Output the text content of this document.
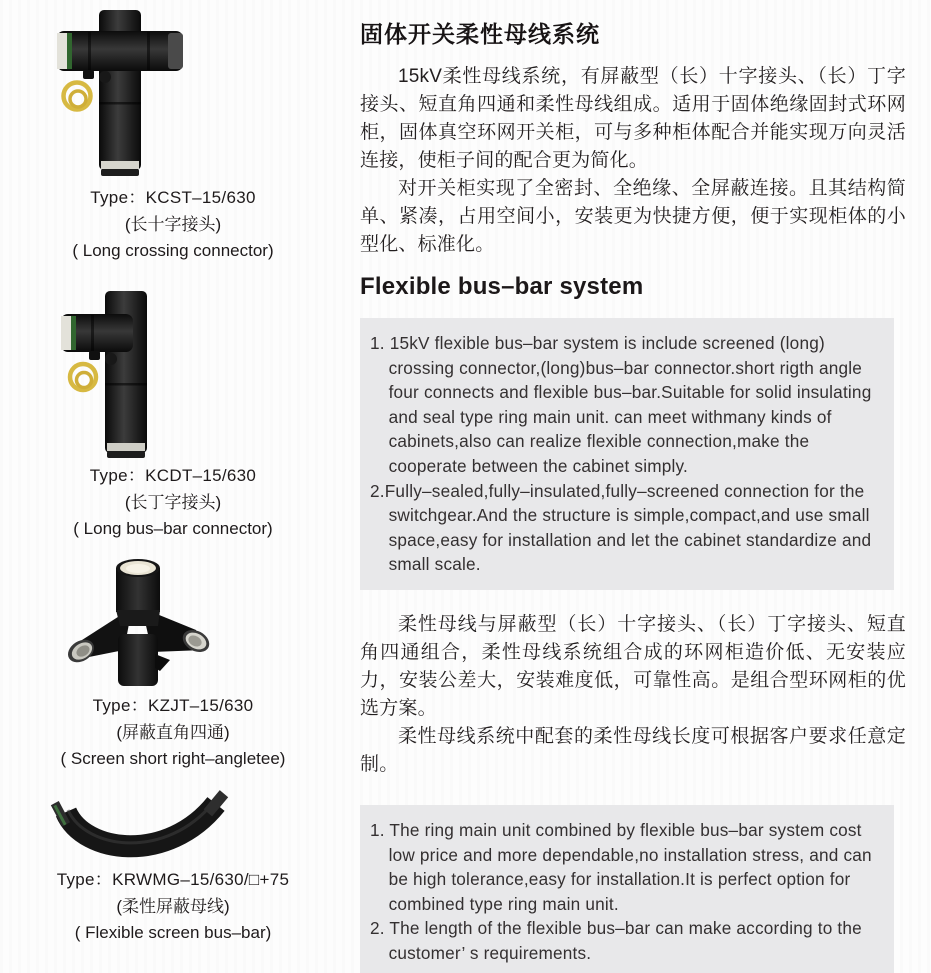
Type：KCST–15/630
(长十字接头)
( Long crossing connector)
Type：KCDT–15/630
(长丁字接头)
( Long bus–bar connector)
Type：KZJT–15/630
(屏蔽直角四通)
( Screen short right–angletee)
Type：KRWMG–15/630/□+75
(柔性屏蔽母线)
( Flexible screen bus–bar)
固体开关柔性母线系统

15kV柔性母线系统，有屏蔽型（长）十字接头、（长）丁字接头、短直角四通和柔性母线组成。适用于固体绝缘固封式环网柜，固体真空环网开关柜，可与多种柜体配合并能实现万向灵活连接，使柜子间的配合更为简化。

对开关柜实现了全密封、全绝缘、全屏蔽连接。且其结构简单、紧凑，占用空间小，安装更为快捷方便，便于实现柜体的小型化、标准化。

Flexible bus–bar system
1. 15kV flexible bus–bar system is include screened (long) crossing connector,(long)bus–bar connector.short rigth angle four connects and flexible bus–bar.Suitable for solid insulating and seal type ring main unit. can meet withmany kinds of cabinets,also can realize flexible connection,make the cooperate between the cabinet simply.
2.Fully–sealed,fully–insulated,fully–screened connection for the switchgear.And the structure is simple,compact,and use small space,easy for installation and let the cabinet standardize and small scale.

柔性母线与屏蔽型（长）十字接头、（长）丁字接头、短直角四通组合，柔性母线系统组合成的环网柜造价低、无安装应力，安装公差大，安装难度低，可靠性高。是组合型环网柜的优选方案。

柔性母线系统中配套的柔性母线长度可根据客户要求任意定制。

1. The ring main unit combined by flexible bus–bar system cost low price and more dependable,no installation stress, and can be high tolerance,easy for installation.It is perfect option for combined type ring main unit.
2. The length of the flexible bus–bar can make according to the customer’ s requirements.
